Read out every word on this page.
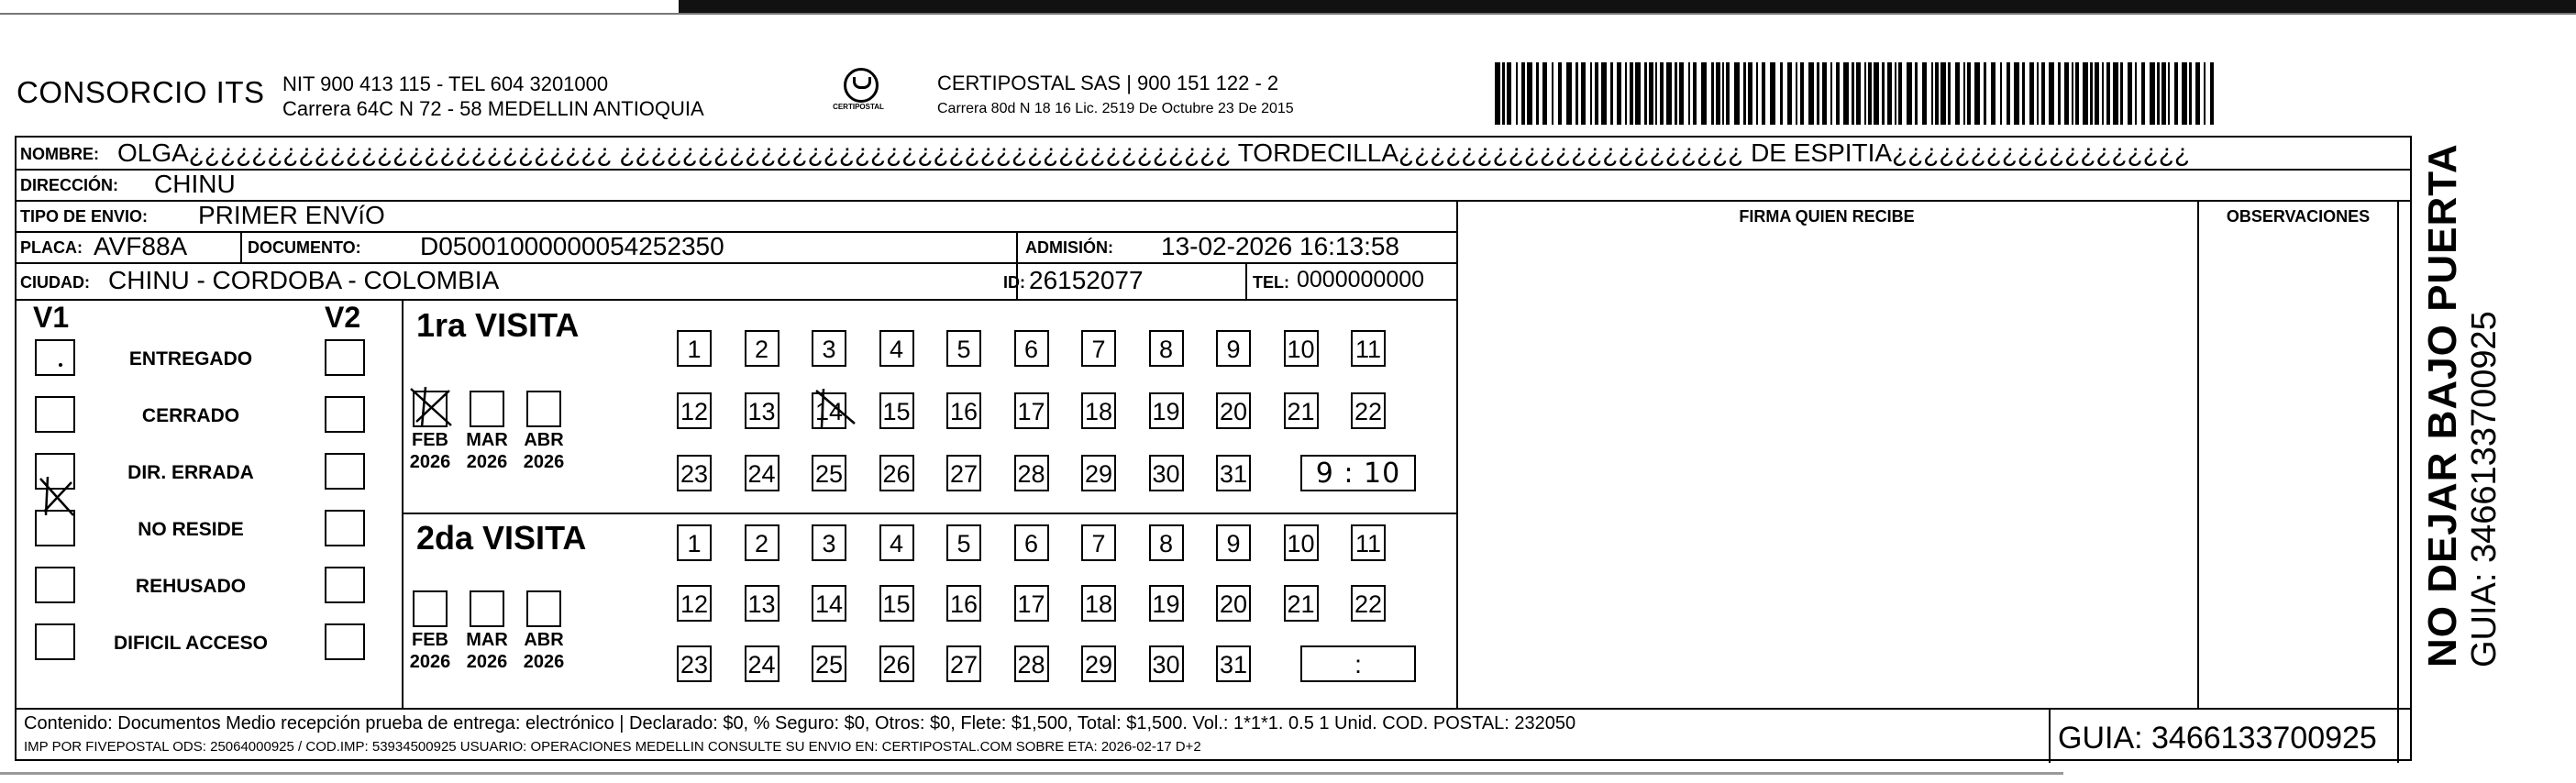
CONSORCIO ITS NIT 900 413 115 - TEL 604 3201000
Carrera 64C N 72 - 58 MEDELLIN ANTIOQUIA	CERTIPOSTAL
CERTIPOSTAL SAS | 900 151 122 - 2
Carrera 80d N 18 16 Lic. 2519 De Octubre 23 De 2015
NOMBRE: OLGA¿¿¿¿¿¿¿¿¿¿¿¿¿¿¿¿¿¿¿¿¿¿¿¿¿¿¿ ¿¿¿¿¿¿¿¿¿¿¿¿¿¿¿¿¿¿¿¿¿¿¿¿¿¿¿¿¿¿¿¿¿¿¿¿¿¿¿ TORDECILLA¿¿¿¿¿¿¿¿¿¿¿¿¿¿¿¿¿¿¿¿¿¿ DE ESPITIA¿¿¿¿¿¿¿¿¿¿¿¿¿¿¿¿¿¿¿
DIRECCIÓN: CHINU
TIPO DE ENVIO: PRIMER ENVíO	FIRMA QUIEN RECIBE	OBSERVACIONES
PLACA: AVF88A	DOCUMENTO: D05001000000054252350	ADMISIÓN: 13-02-2026 16:13:58
CIUDAD: CHINU - CORDOBA - COLOMBIA	ID: 26152077	TEL: 0000000000
V1	V2
ENTREGADO
CERRADO
DIR. ERRADA
NO RESIDE
REHUSADO
DIFICIL ACCESO
1ra VISITA
2da VISITA
FEB
2026
MAR
2026
ABR
2026
FEB
2026
MAR
2026
ABR
2026
1	2	3	4	5	6	7	8	9	10 11
12 13 14 15 16 17 18 19 20 21 22
23 24 25 26 27 28 29 30 31
1	2	3	4	5	6	7	8	9	10 11
12 13 14 15 16 17 18 19 20 21 22
23 24 25 26 27 28 29 30 31
9 : 10
:
Contenido: Documentos Medio recepción prueba de entrega: electrónico | Declarado: $0, % Seguro: $0, Otros: $0, Flete: $1,500, Total: $1,500. Vol.: 1*1*1. 0.5 1 Unid. COD. POSTAL: 232050
IMP POR FIVEPOSTAL ODS: 25064000925 / COD.IMP: 53934500925 USUARIO: OPERACIONES MEDELLIN CONSULTE SU ENVIO EN: CERTIPOSTAL.COM SOBRE ETA: 2026-02-17 D+2	GUIA: 3466133700925
NO DEJAR BAJO PUERTA GUIA: 3466133700925
